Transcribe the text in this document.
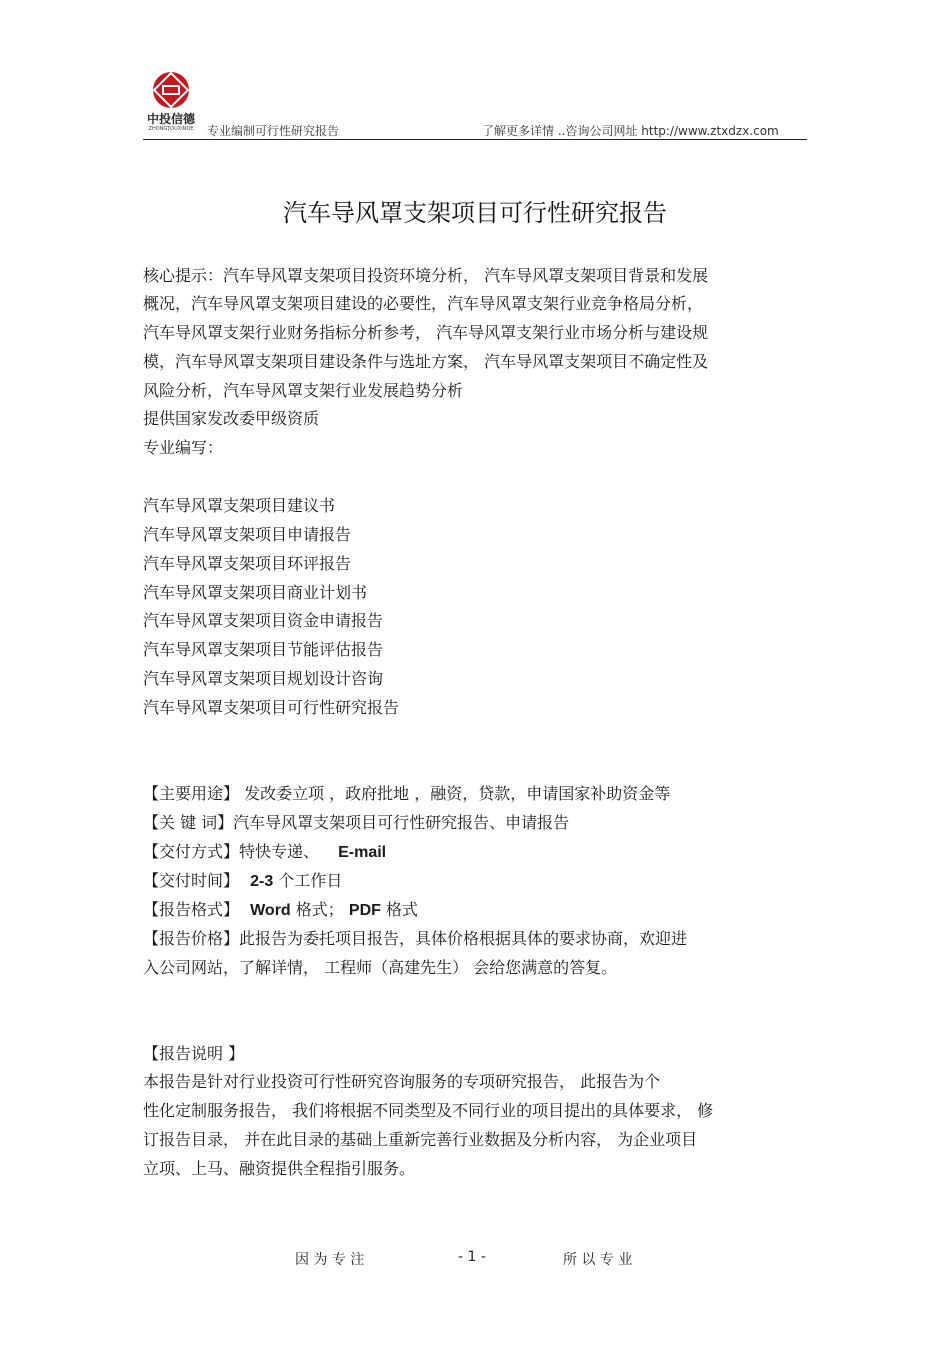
中投信德
ZHONGTOUXINDE	专业编制可行性研究报告	了解更多详情 ..咨询公司网址 http://www.ztxdzx.com
汽车导风罩支架项目可行性研究报告
核心提示：汽车导风罩支架项目投资环境分析， 汽车导风罩支架项目背景和发展
概况，汽车导风罩支架项目建设的必要性，汽车导风罩支架行业竞争格局分析，
汽车导风罩支架行业财务指标分析参考， 汽车导风罩支架行业市场分析与建设规
模，汽车导风罩支架项目建设条件与选址方案， 汽车导风罩支架项目不确定性及
风险分析，汽车导风罩支架行业发展趋势分析
提供国家发改委甲级资质
专业编写：
汽车导风罩支架项目建议书
汽车导风罩支架项目申请报告
汽车导风罩支架项目环评报告
汽车导风罩支架项目商业计划书
汽车导风罩支架项目资金申请报告
汽车导风罩支架项目节能评估报告
汽车导风罩支架项目规划设计咨询
汽车导风罩支架项目可行性研究报告
【主要用途】 发改委立项 ，政府批地 ，融资，贷款，申请国家补助资金等
【关 键 词】汽车导风罩支架项目可行性研究报告、申请报告
【交付方式】特快专递、 E-mail
【交付时间】 2-3 个工作日
【报告格式】 Word 格式； PDF 格式
【报告价格】此报告为委托项目报告，具体价格根据具体的要求协商，欢迎进
入公司网站，了解详情， 工程师（高建先生） 会给您满意的答复。
【报告说明 】
本报告是针对行业投资可行性研究咨询服务的专项研究报告， 此报告为个
性化定制服务报告， 我们将根据不同类型及不同行业的项目提出的具体要求， 修
订报告目录， 并在此目录的基础上重新完善行业数据及分析内容， 为企业项目
立项、上马、融资提供全程指引服务。
因 为 专 注	- 1 -	所 以 专 业
